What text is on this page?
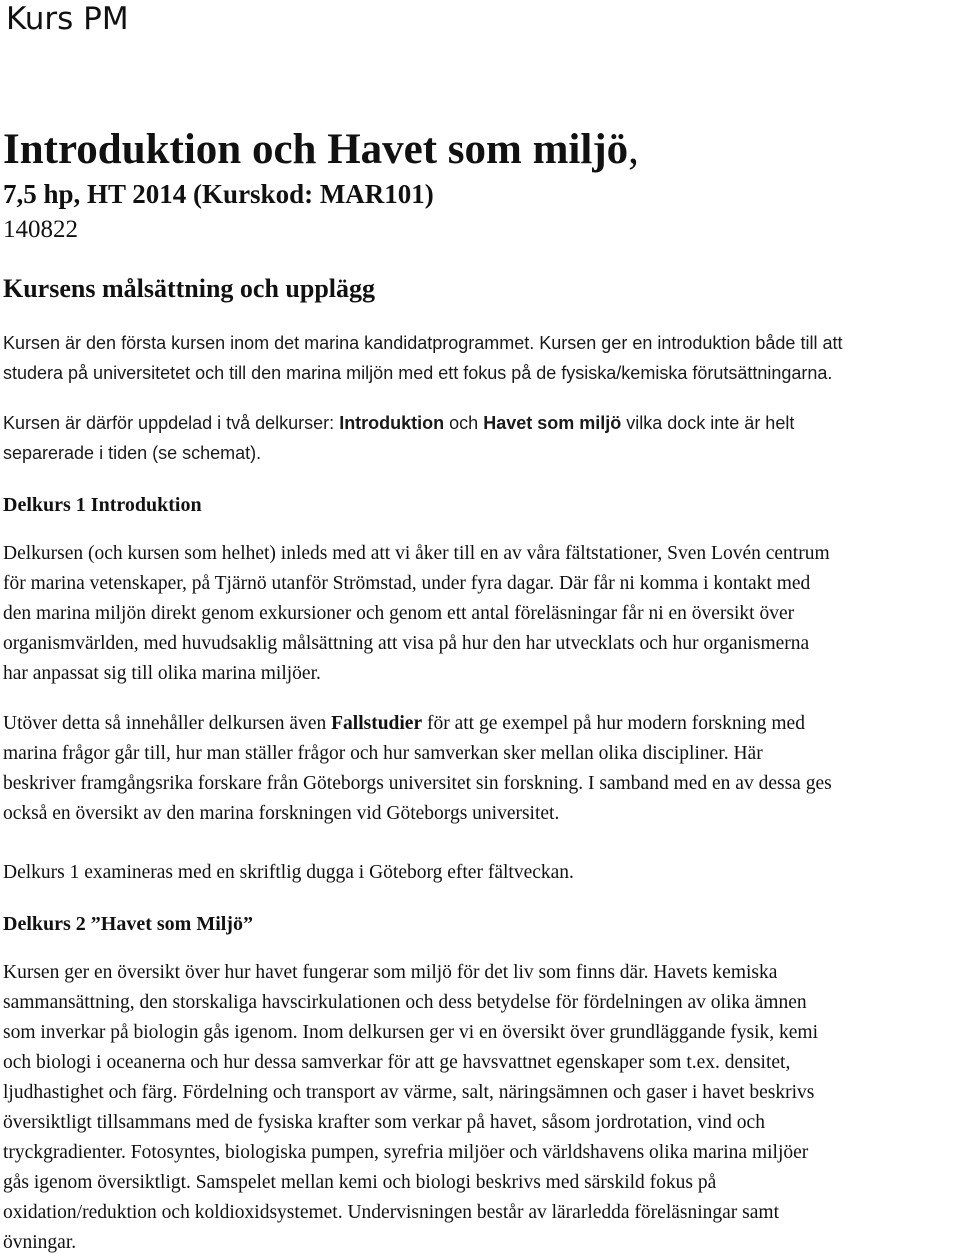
Kurs PM
Introduktion och Havet som miljö,
7,5 hp, HT 2014 (Kurskod: MAR101)
140822
Kursens målsättning och upplägg
Kursen är den första kursen inom det marina kandidatprogrammet. Kursen ger en introduktion både till att
studera på universitetet och till den marina miljön med ett fokus på de fysiska/kemiska förutsättningarna.
Kursen är därför uppdelad i två delkurser: Introduktion och Havet som miljö vilka dock inte är helt
separerade i tiden (se schemat).
Delkurs 1 Introduktion
Delkursen (och kursen som helhet) inleds med att vi åker till en av våra fältstationer, Sven Lovén centrum
för marina vetenskaper, på Tjärnö utanför Strömstad, under fyra dagar. Där får ni komma i kontakt med
den marina miljön direkt genom exkursioner och genom ett antal föreläsningar får ni en översikt över
organismvärlden, med huvudsaklig målsättning att visa på hur den har utvecklats och hur organismerna
har anpassat sig till olika marina miljöer.
Utöver detta så innehåller delkursen även Fallstudier för att ge exempel på hur modern forskning med
marina frågor går till, hur man ställer frågor och hur samverkan sker mellan olika discipliner. Här
beskriver framgångsrika forskare från Göteborgs universitet sin forskning. I samband med en av dessa ges
också en översikt av den marina forskningen vid Göteborgs universitet.
Delkurs 1 examineras med en skriftlig dugga i Göteborg efter fältveckan.
Delkurs 2 ”Havet som Miljö”
Kursen ger en översikt över hur havet fungerar som miljö för det liv som finns där. Havets kemiska
sammansättning, den storskaliga havscirkulationen och dess betydelse för fördelningen av olika ämnen
som inverkar på biologin gås igenom. Inom delkursen ger vi en översikt över grundläggande fysik, kemi
och biologi i oceanerna och hur dessa samverkar för att ge havsvattnet egenskaper som t.ex. densitet,
ljudhastighet och färg. Fördelning och transport av värme, salt, näringsämnen och gaser i havet beskrivs
översiktligt tillsammans med de fysiska krafter som verkar på havet, såsom jordrotation, vind och
tryckgradienter. Fotosyntes, biologiska pumpen, syrefria miljöer och världshavens olika marina miljöer
gås igenom översiktligt. Samspelet mellan kemi och biologi beskrivs med särskild fokus på
oxidation/reduktion och koldioxidsystemet. Undervisningen består av lärarledda föreläsningar samt
övningar.
